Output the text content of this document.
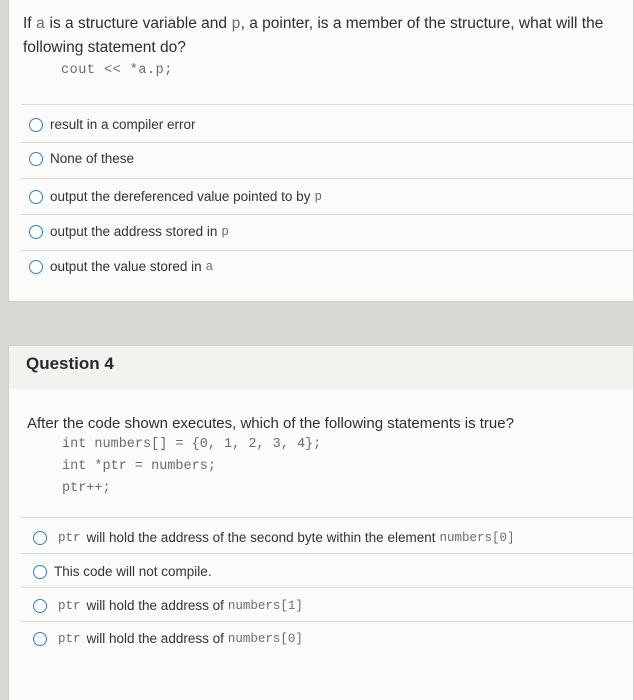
If a is a structure variable and p, a pointer, is a member of the structure, what will the following statement do?
cout << *a.p;
result in a compiler error
None of these
output the dereferenced value pointed to by p
output the address stored in p
output the value stored in a
Question 4
After the code shown executes, which of the following statements is true?
int numbers[] = {0, 1, 2, 3, 4};
int *ptr = numbers;
ptr++;
ptr will hold the address of the second byte within the element numbers[0]
This code will not compile.
ptr will hold the address of numbers[1]
ptr will hold the address of numbers[0]
